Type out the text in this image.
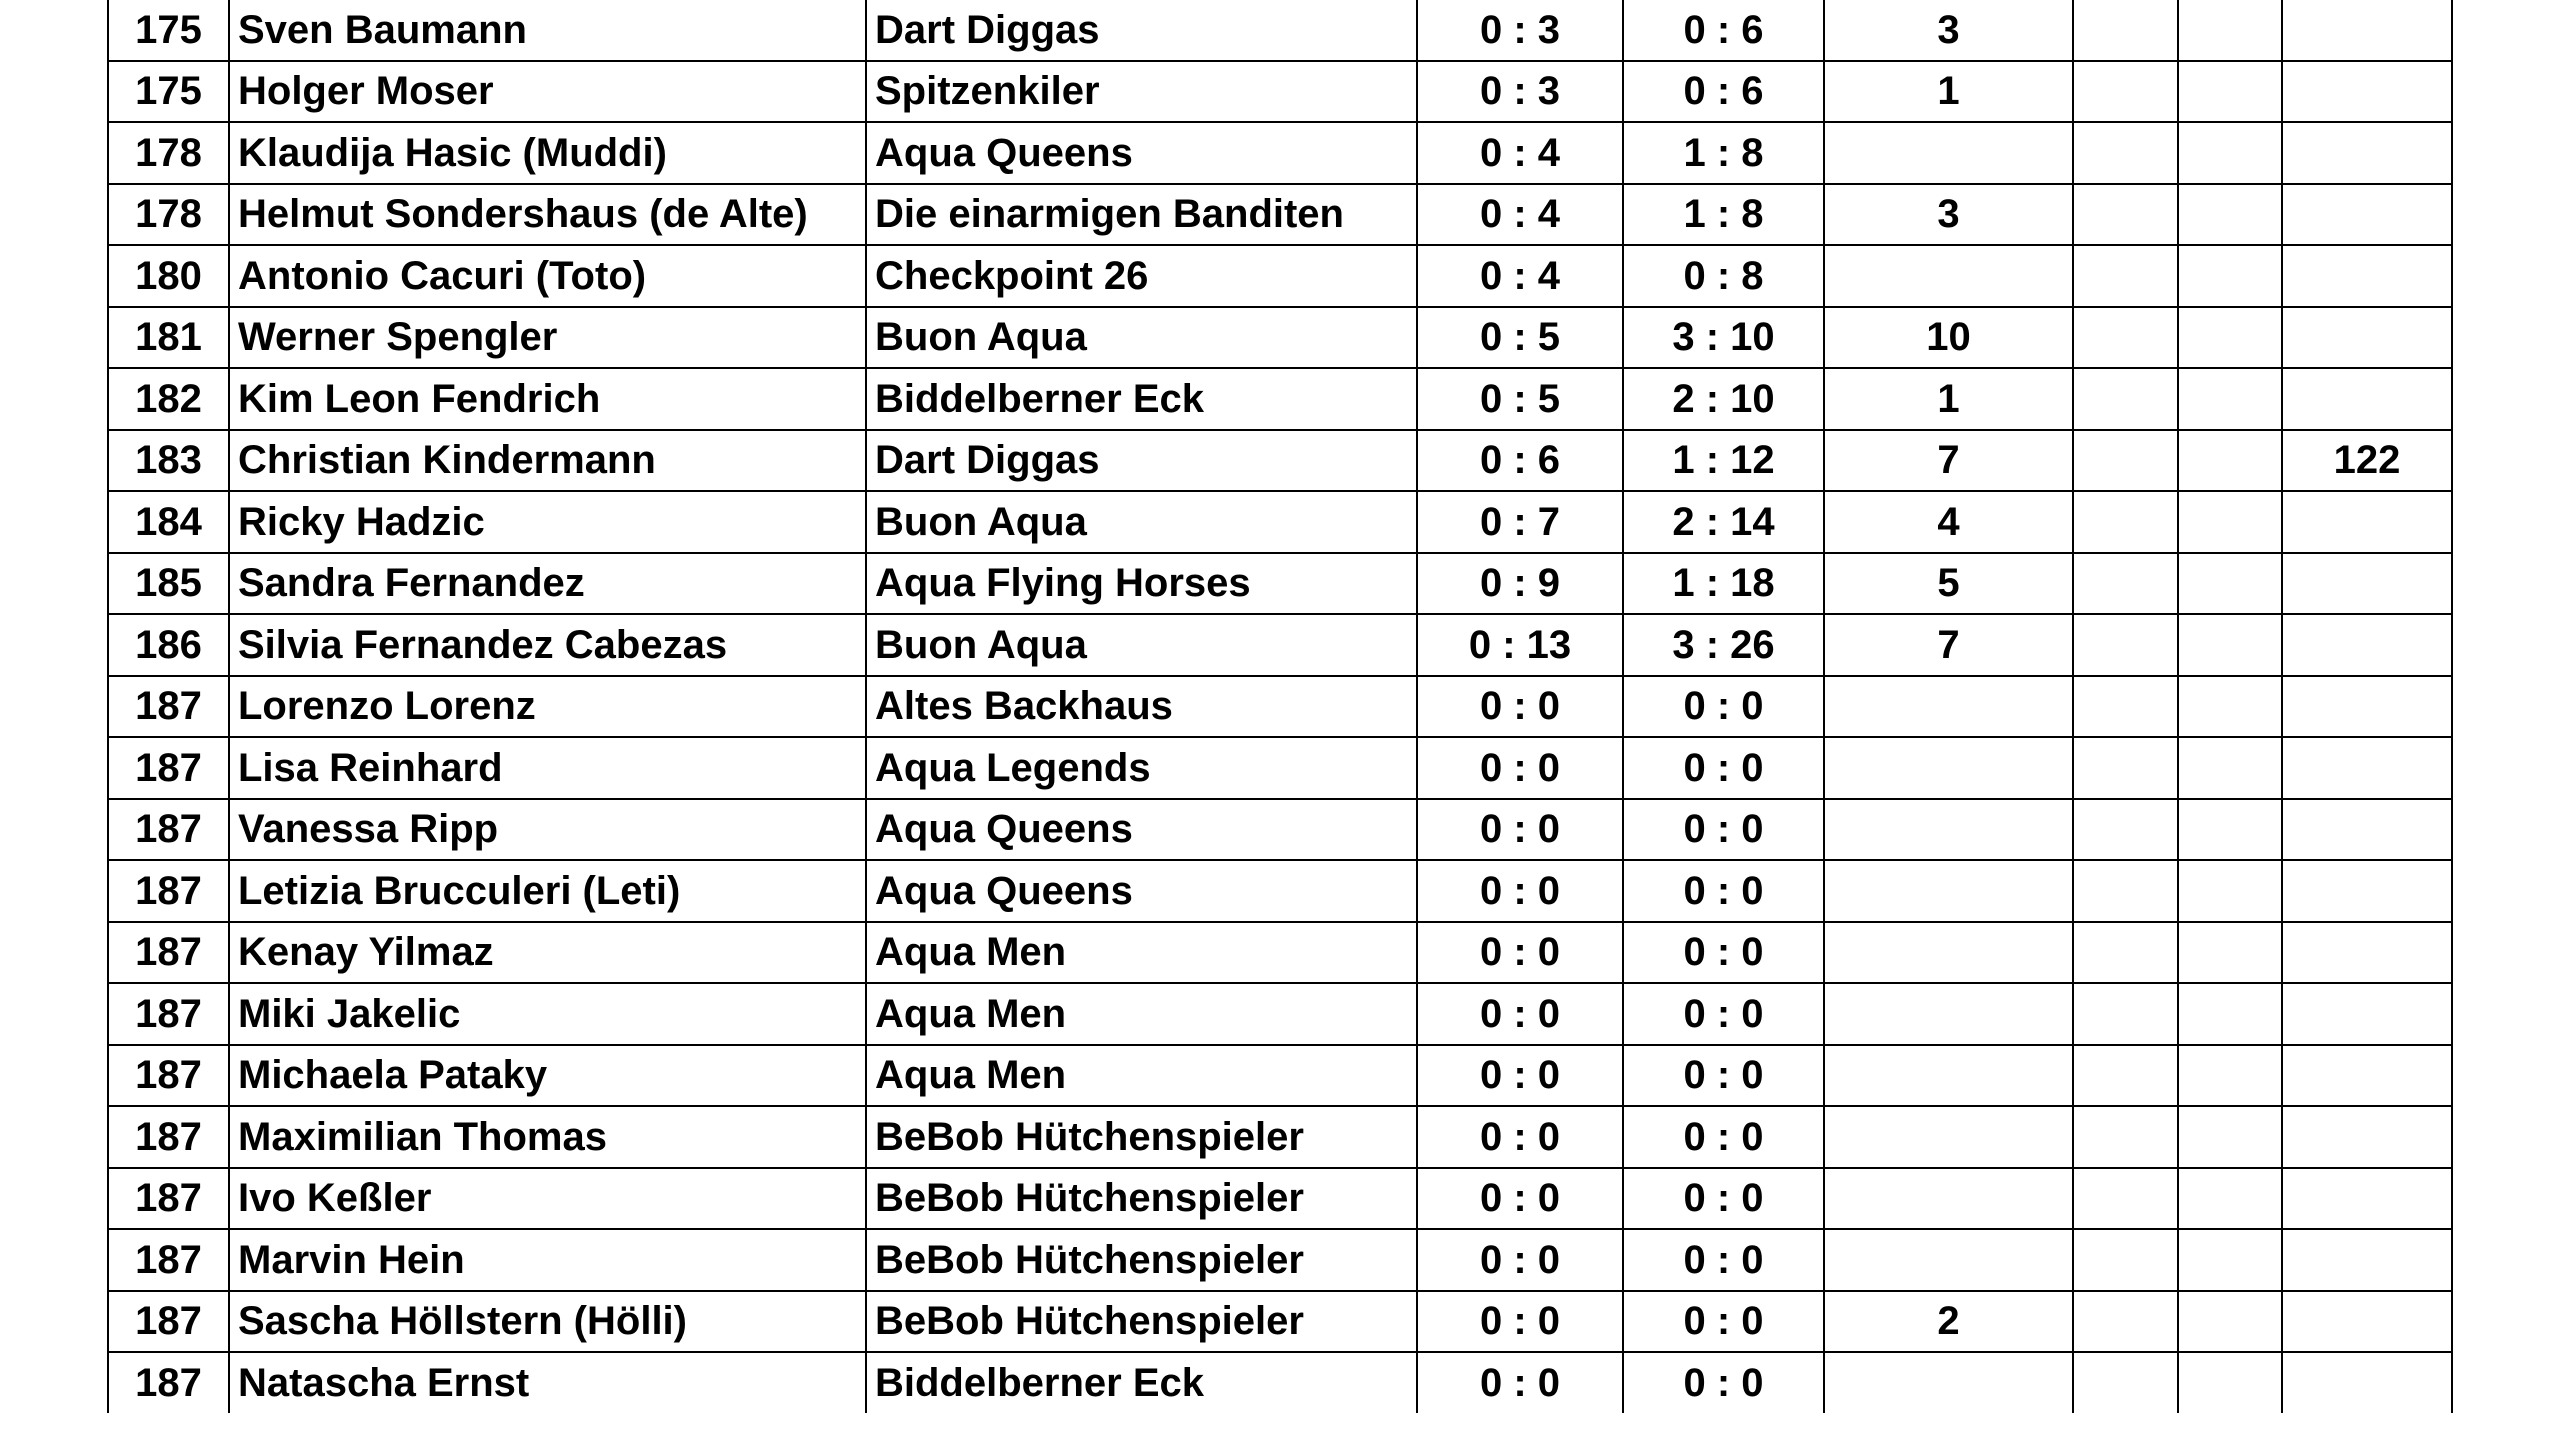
175	Sven Baumann	Dart Diggas	0 : 3	0 : 6	3			
175	Holger Moser	Spitzenkiler	0 : 3	0 : 6	1			
178	Klaudija Hasic (Muddi)	Aqua Queens	0 : 4	1 : 8				
178	Helmut Sondershaus (de Alte)	Die einarmigen Banditen	0 : 4	1 : 8	3			
180	Antonio Cacuri (Toto)	Checkpoint 26	0 : 4	0 : 8				
181	Werner Spengler	Buon Aqua	0 : 5	3 : 10	10			
182	Kim Leon Fendrich	Biddelberner Eck	0 : 5	2 : 10	1			
183	Christian Kindermann	Dart Diggas	0 : 6	1 : 12	7			122
184	Ricky Hadzic	Buon Aqua	0 : 7	2 : 14	4			
185	Sandra Fernandez	Aqua Flying Horses	0 : 9	1 : 18	5			
186	Silvia Fernandez Cabezas	Buon Aqua	0 : 13	3 : 26	7			
187	Lorenzo Lorenz	Altes Backhaus	0 : 0	0 : 0				
187	Lisa Reinhard	Aqua Legends	0 : 0	0 : 0				
187	Vanessa Ripp	Aqua Queens	0 : 0	0 : 0				
187	Letizia Brucculeri (Leti)	Aqua Queens	0 : 0	0 : 0				
187	Kenay Yilmaz	Aqua Men	0 : 0	0 : 0				
187	Miki Jakelic	Aqua Men	0 : 0	0 : 0				
187	Michaela Pataky	Aqua Men	0 : 0	0 : 0				
187	Maximilian Thomas	BeBob Hütchenspieler	0 : 0	0 : 0				
187	Ivo Keßler	BeBob Hütchenspieler	0 : 0	0 : 0				
187	Marvin Hein	BeBob Hütchenspieler	0 : 0	0 : 0				
187	Sascha Höllstern (Hölli)	BeBob Hütchenspieler	0 : 0	0 : 0	2			
187	Natascha Ernst	Biddelberner Eck	0 : 0	0 : 0				
